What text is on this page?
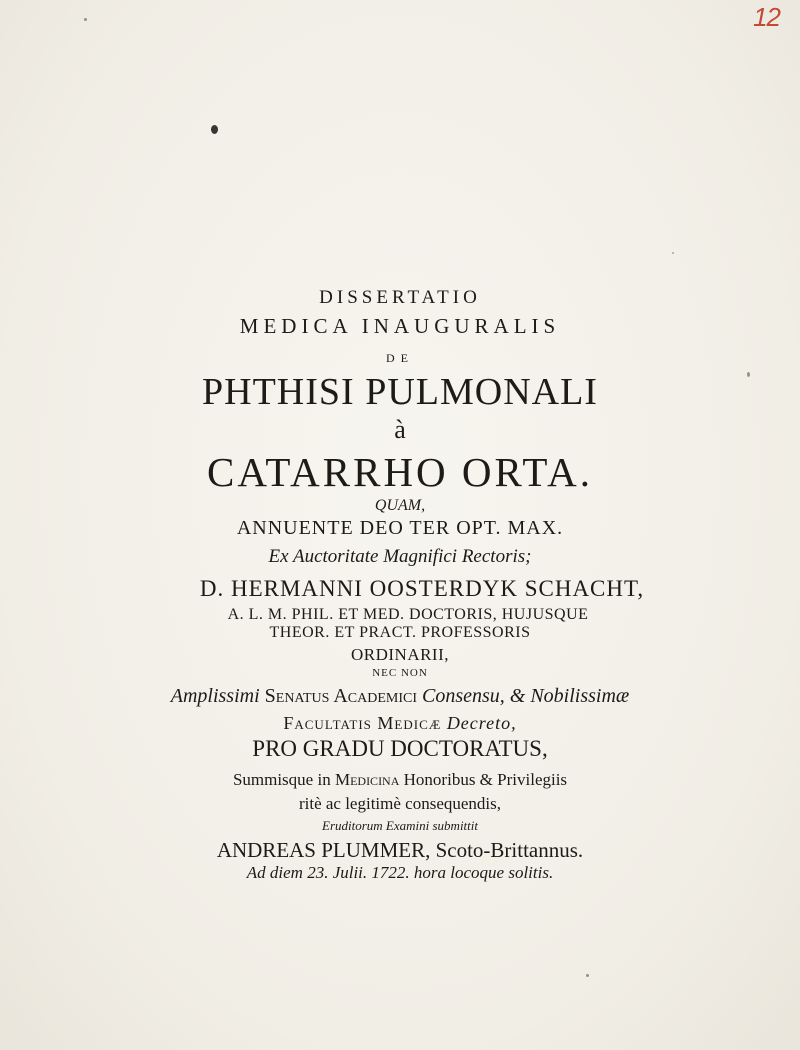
12
DISSERTATIO
MEDICA INAUGURALIS
DE
PHTHISI PULMONALI
à
CATARRHO ORTA.
QUAM,
ANNUENTE DEO TER OPT. MAX.
Ex Auctoritate Magnifici Rectoris;
D. HERMANNI OOSTERDYK SCHACHT,
A. L. M. PHIL. ET MED. DOCTORIS, HUJUSQUE
THEOR. ET PRACT. PROFESSORIS
ORDINARII,
NEC NON
Amplissimi Senatus Academici Consensu, & Nobilissimæ
Facultatis Medicæ Decreto,
PRO GRADU DOCTORATUS,
Summisque in Medicina Honoribus & Privilegiis
ritè ac legitimè consequendis,
Eruditorum Examini submittit
ANDREAS PLUMMER, Scoto-Brittannus.
Ad diem 23. Julii. 1722. hora locoque solitis.
